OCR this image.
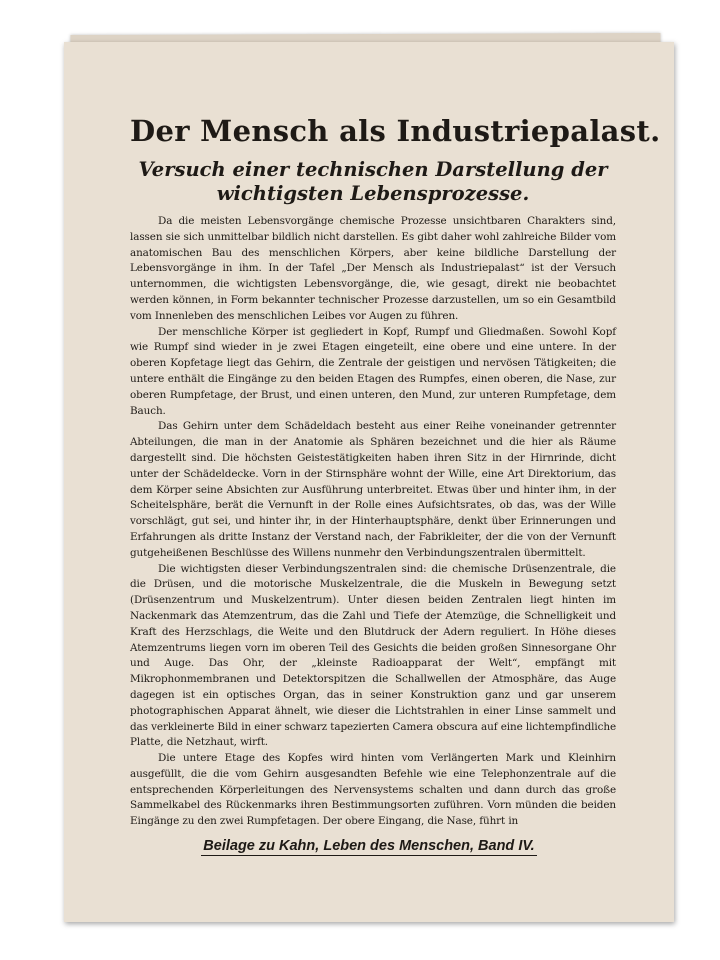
Der Mensch als Industriepalast.
Versuch einer technischen Darstellung der
wichtigsten Lebensprozesse.

Da die meisten Lebensvorgänge chemische Prozesse unsichtbaren Charakters sind, lassen sie sich unmittelbar bildlich nicht darstellen. Es gibt daher wohl zahlreiche Bilder vom anatomischen Bau des menschlichen Körpers, aber keine bildliche Darstellung der Lebensvorgänge in ihm. In der Tafel „Der Mensch als Industriepalast“ ist der Versuch unternommen, die wichtigsten Lebensvorgänge, die, wie gesagt, direkt nie beobachtet werden können, in Form bekannter technischer Prozesse darzustellen, um so ein Gesamtbild vom Innenleben des menschlichen Leibes vor Augen zu führen.

Der menschliche Körper ist gegliedert in Kopf, Rumpf und Gliedmaßen. Sowohl Kopf wie Rumpf sind wieder in je zwei Etagen eingeteilt, eine obere und eine untere. In der oberen Kopfetage liegt das Gehirn, die Zentrale der geistigen und nervösen Tätigkeiten; die untere enthält die Eingänge zu den beiden Etagen des Rumpfes, einen oberen, die Nase, zur oberen Rumpfetage, der Brust, und einen unteren, den Mund, zur unteren Rumpfetage, dem Bauch.

Das Gehirn unter dem Schädeldach besteht aus einer Reihe voneinander getrennter Abteilungen, die man in der Anatomie als Sphären bezeichnet und die hier als Räume dargestellt sind. Die höchsten Geistestätigkeiten haben ihren Sitz in der Hirnrinde, dicht unter der Schädeldecke. Vorn in der Stirnsphäre wohnt der Wille, eine Art Direktorium, das dem Körper seine Absichten zur Ausführung unterbreitet. Etwas über und hinter ihm, in der Scheitelsphäre, berät die Vernunft in der Rolle eines Aufsichtsrates, ob das, was der Wille vorschlägt, gut sei, und hinter ihr, in der Hinterhauptsphäre, denkt über Erinnerungen und Erfahrungen als dritte Instanz der Verstand nach, der Fabrikleiter, der die von der Vernunft gutgeheißenen Beschlüsse des Willens nunmehr den Verbindungszentralen übermittelt.

Die wichtigsten dieser Verbindungszentralen sind: die chemische Drüsenzentrale, die die Drüsen, und die motorische Muskelzentrale, die die Muskeln in Bewegung setzt (Drüsenzentrum und Muskelzentrum). Unter diesen beiden Zentralen liegt hinten im Nackenmark das Atemzentrum, das die Zahl und Tiefe der Atemzüge, die Schnelligkeit und Kraft des Herzschlags, die Weite und den Blutdruck der Adern reguliert. In Höhe dieses Atemzentrums liegen vorn im oberen Teil des Gesichts die beiden großen Sinnesorgane Ohr und Auge. Das Ohr, der „kleinste Radioapparat der Welt“, empfängt mit Mikrophonmembranen und Detektorspitzen die Schallwellen der Atmosphäre, das Auge dagegen ist ein optisches Organ, das in seiner Konstruktion ganz und gar unserem photographischen Apparat ähnelt, wie dieser die Lichtstrahlen in einer Linse sammelt und das verkleinerte Bild in einer schwarz tapezierten Camera obscura auf eine lichtempfindliche Platte, die Netzhaut, wirft.

Die untere Etage des Kopfes wird hinten vom Verlängerten Mark und Kleinhirn ausgefüllt, die die vom Gehirn ausgesandten Befehle wie eine Telephonzentrale auf die entsprechenden Körperleitungen des Nervensystems schalten und dann durch das große Sammelkabel des Rückenmarks ihren Bestimmungsorten zuführen. Vorn münden die beiden Eingänge zu den zwei Rumpfetagen. Der obere Eingang, die Nase, führt in

Beilage zu Kahn, Leben des Menschen, Band IV.
